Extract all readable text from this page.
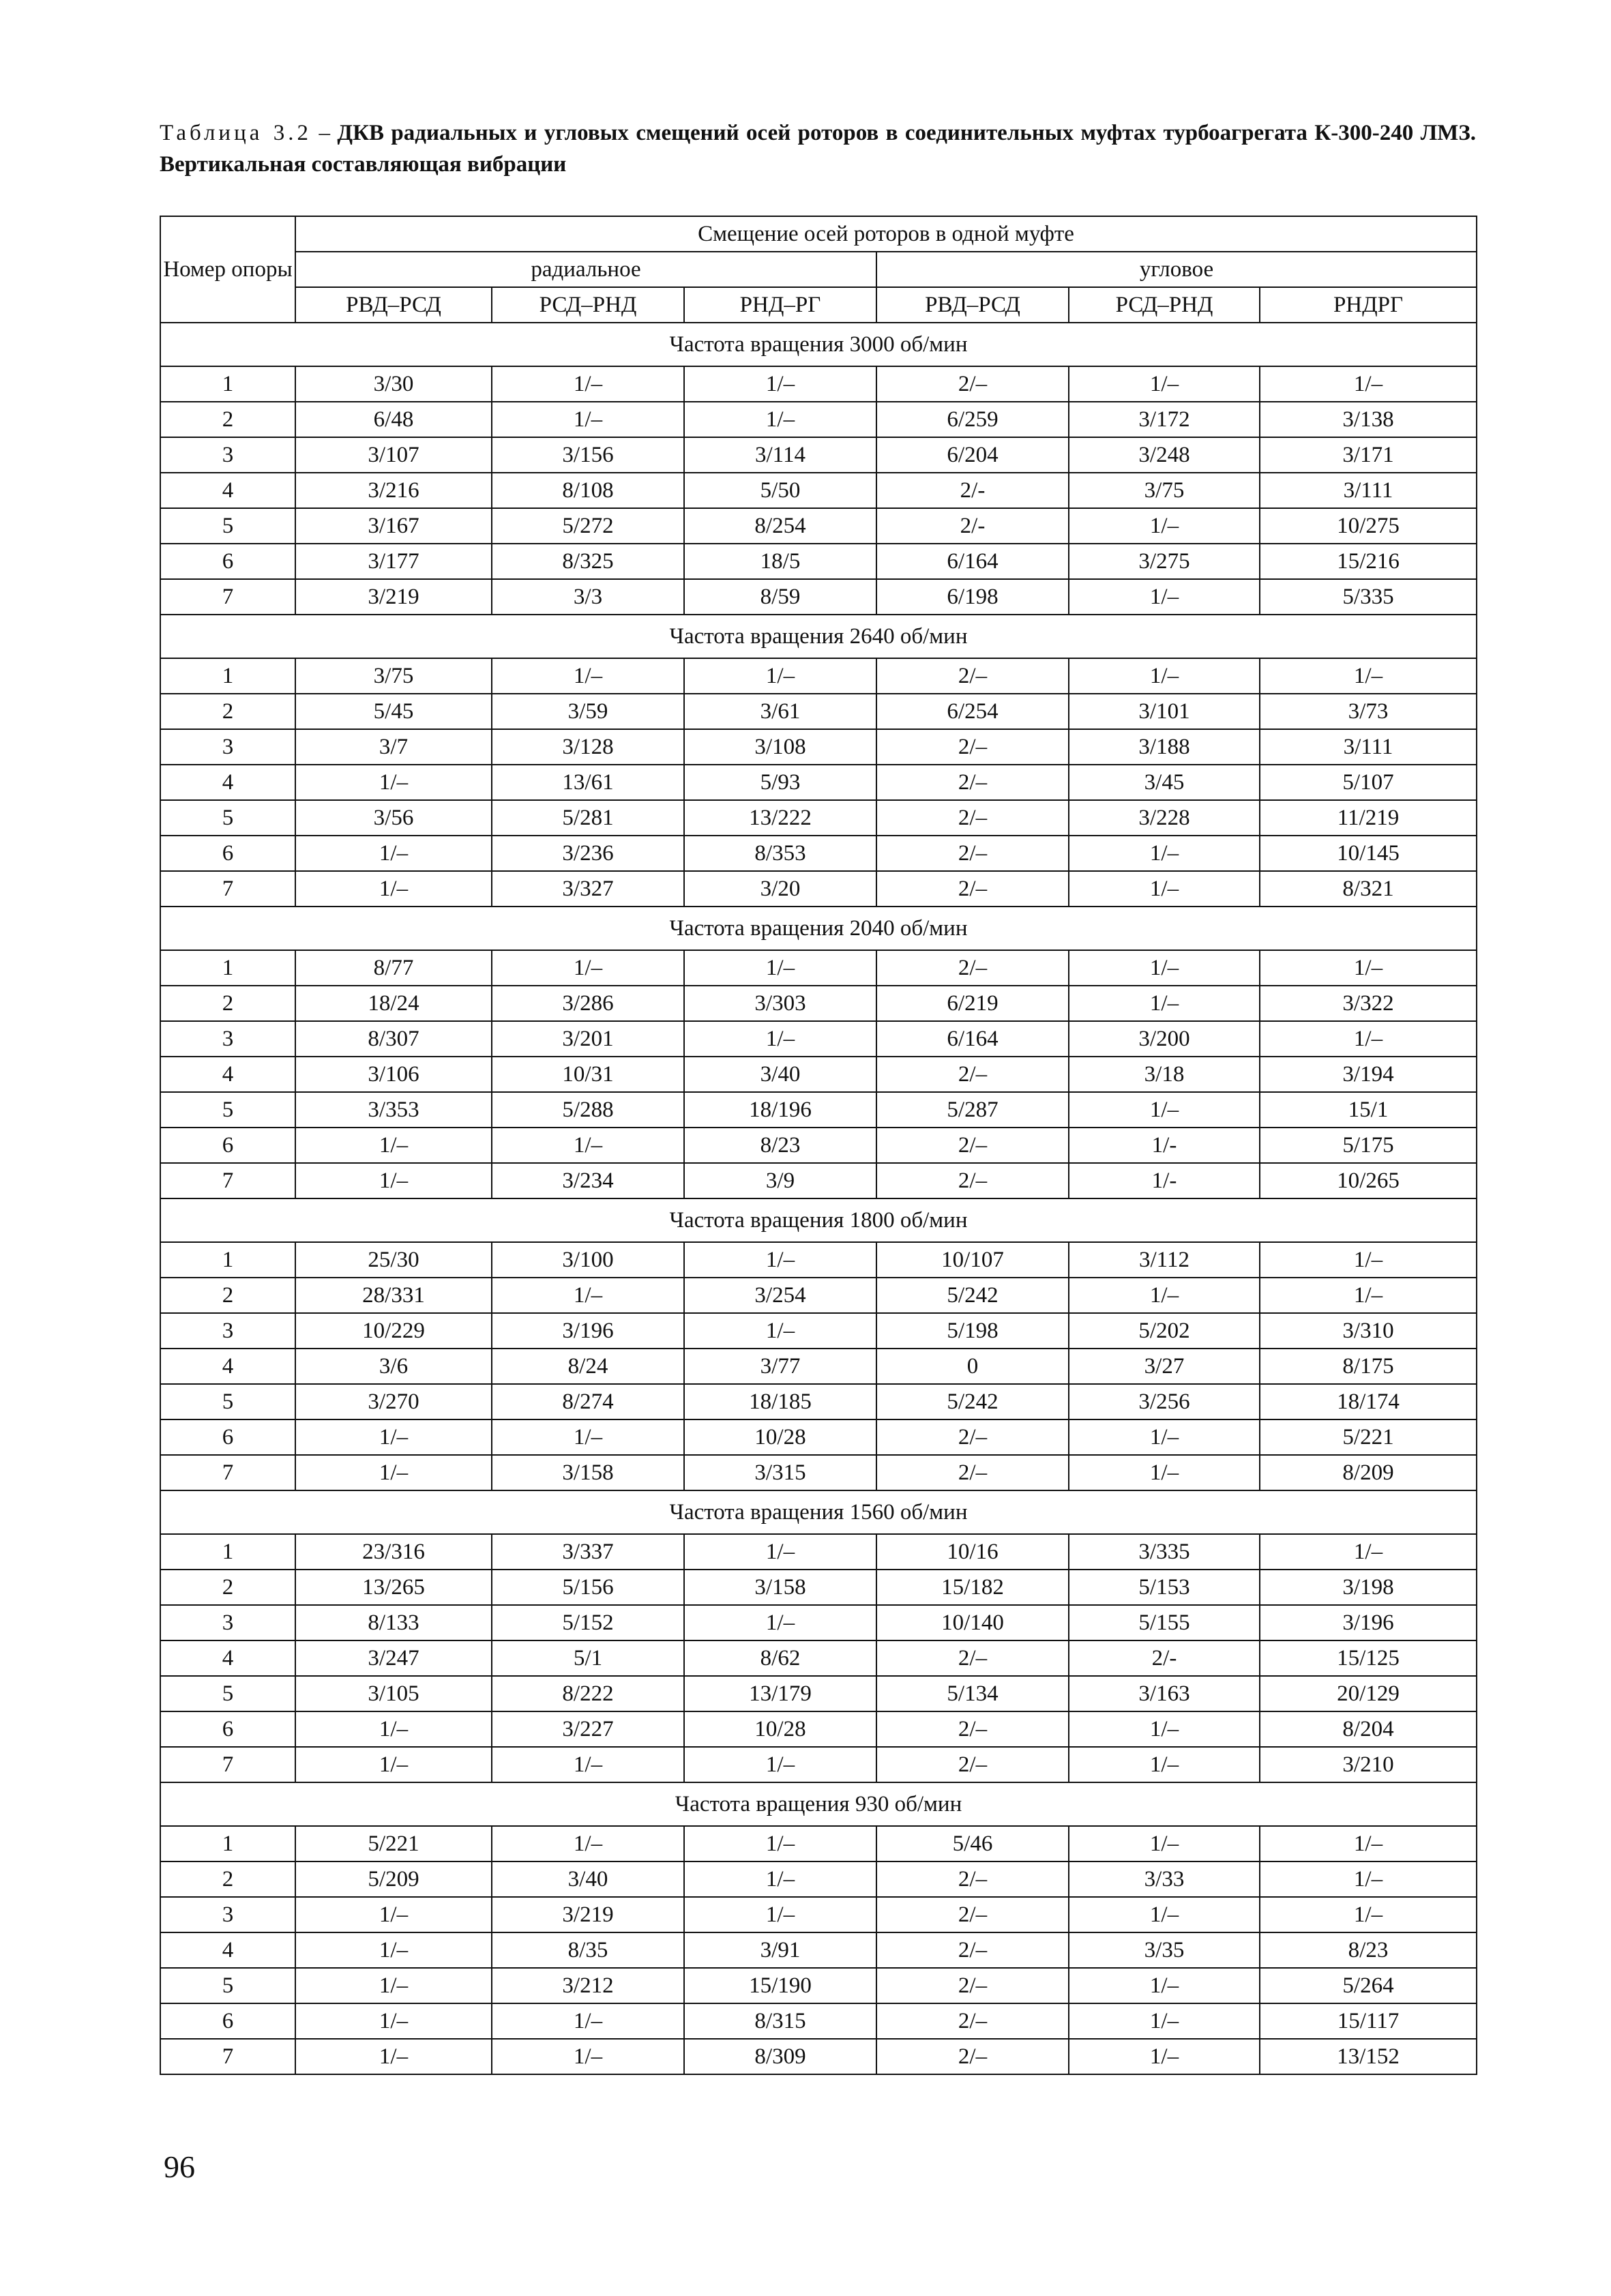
Таблица 3.2 – ДКВ радиальных и угловых смещений осей роторов в соединительных муфтах турбоагрегата К-300-240 ЛМЗ. Вертикальная составляющая вибрации
Номер опоры	Смещение осей роторов в одной муфте					
	радиальное			угловое		
	РВД–РСД	РСД–РНД	РНД–РГ	РВД–РСД	РСД–РНД	РНДРГ
Частота вращения 3000 об/мин						
1	3/30	1/–	1/–	2/–	1/–	1/–
2	6/48	1/–	1/–	6/259	3/172	3/138
3	3/107	3/156	3/114	6/204	3/248	3/171
4	3/216	8/108	5/50	2/-	3/75	3/111
5	3/167	5/272	8/254	2/-	1/–	10/275
6	3/177	8/325	18/5	6/164	3/275	15/216
7	3/219	3/3	8/59	6/198	1/–	5/335
Частота вращения 2640 об/мин						
1	3/75	1/–	1/–	2/–	1/–	1/–
2	5/45	3/59	3/61	6/254	3/101	3/73
3	3/7	3/128	3/108	2/–	3/188	3/111
4	1/–	13/61	5/93	2/–	3/45	5/107
5	3/56	5/281	13/222	2/–	3/228	11/219
6	1/–	3/236	8/353	2/–	1/–	10/145
7	1/–	3/327	3/20	2/–	1/–	8/321
Частота вращения 2040 об/мин						
1	8/77	1/–	1/–	2/–	1/–	1/–
2	18/24	3/286	3/303	6/219	1/–	3/322
3	8/307	3/201	1/–	6/164	3/200	1/–
4	3/106	10/31	3/40	2/–	3/18	3/194
5	3/353	5/288	18/196	5/287	1/–	15/1
6	1/–	1/–	8/23	2/–	1/-	5/175
7	1/–	3/234	3/9	2/–	1/-	10/265
Частота вращения 1800 об/мин						
1	25/30	3/100	1/–	10/107	3/112	1/–
2	28/331	1/–	3/254	5/242	1/–	1/–
3	10/229	3/196	1/–	5/198	5/202	3/310
4	3/6	8/24	3/77	0	3/27	8/175
5	3/270	8/274	18/185	5/242	3/256	18/174
6	1/–	1/–	10/28	2/–	1/–	5/221
7	1/–	3/158	3/315	2/–	1/–	8/209
Частота вращения 1560 об/мин						
1	23/316	3/337	1/–	10/16	3/335	1/–
2	13/265	5/156	3/158	15/182	5/153	3/198
3	8/133	5/152	1/–	10/140	5/155	3/196
4	3/247	5/1	8/62	2/–	2/-	15/125
5	3/105	8/222	13/179	5/134	3/163	20/129
6	1/–	3/227	10/28	2/–	1/–	8/204
7	1/–	1/–	1/–	2/–	1/–	3/210
Частота вращения 930 об/мин						
1	5/221	1/–	1/–	5/46	1/–	1/–
2	5/209	3/40	1/–	2/–	3/33	1/–
3	1/–	3/219	1/–	2/–	1/–	1/–
4	1/–	8/35	3/91	2/–	3/35	8/23
5	1/–	3/212	15/190	2/–	1/–	5/264
6	1/–	1/–	8/315	2/–	1/–	15/117
7	1/–	1/–	8/309	2/–	1/–	13/152
96
